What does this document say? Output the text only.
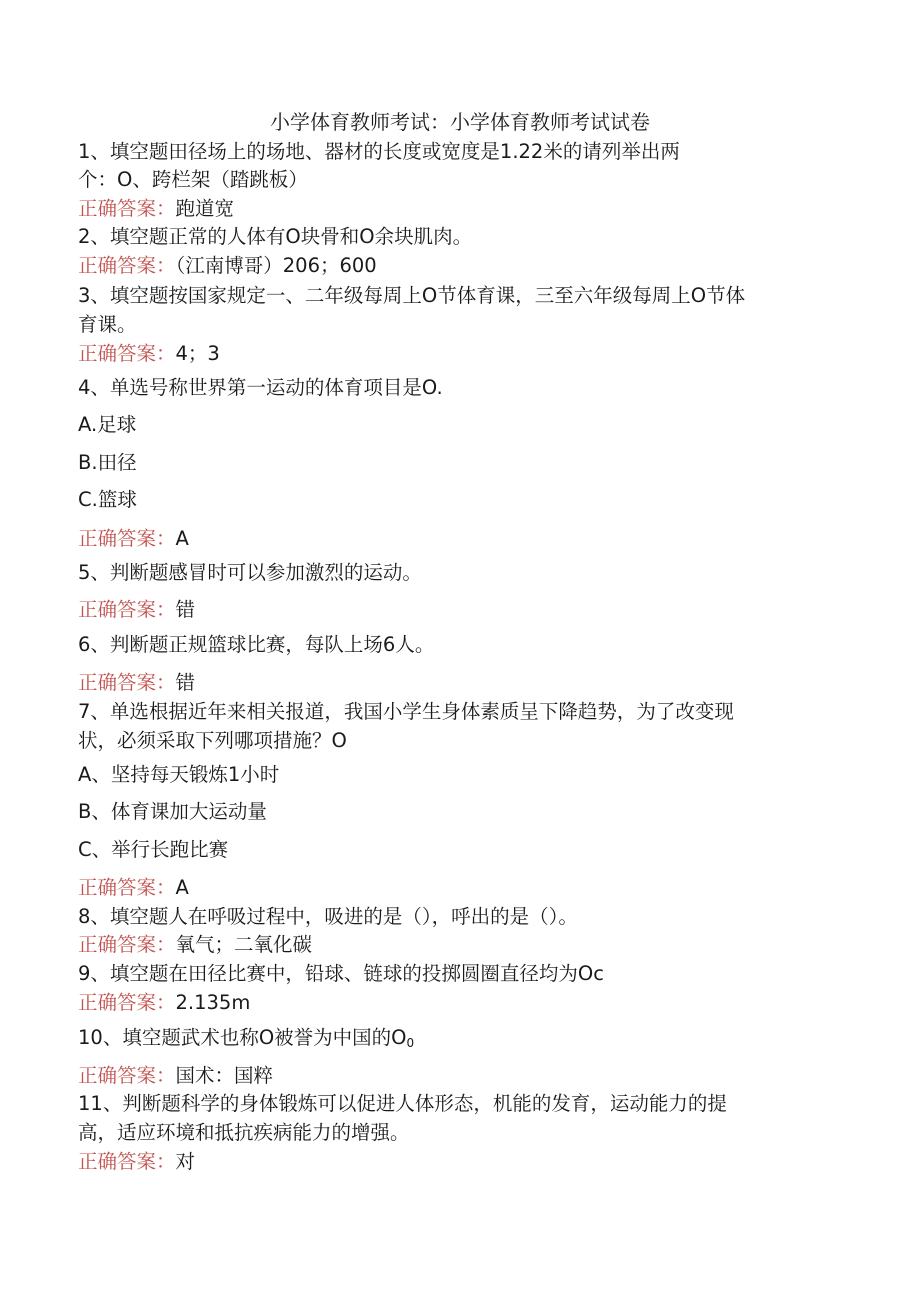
小学体育教师考试：小学体育教师考试试卷
1、填空题田径场上的场地、器材的长度或宽度是1.22米的请列举出两
个：O、跨栏架（踏跳板）
正确答案：跑道宽
2、填空题正常的人体有O块骨和O余块肌肉。
正确答案：（江南博哥）206；600
3、填空题按国家规定一、二年级每周上O节体育课，三至六年级每周上O节体
育课。
正确答案：4；3
4、单选号称世界第一运动的体育项目是O.
A.足球
B.田径
C.篮球
正确答案：A
5、判断题感冒时可以参加激烈的运动。
正确答案：错
6、判断题正规篮球比赛，每队上场6人。
正确答案：错
7、单选根据近年来相关报道，我国小学生身体素质呈下降趋势，为了改变现
状，必须采取下列哪项措施？O
A、坚持每天锻炼1小时
B、体育课加大运动量
C、举行长跑比赛
正确答案：A
8、填空题人在呼吸过程中，吸进的是（），呼出的是（）。
正确答案：氧气；二氧化碳
9、填空题在田径比赛中，铅球、链球的投掷圆圈直径均为Oc
正确答案：2.135m
10、填空题武术也称O被誉为中国的$O_0$
正确答案：国术：国粹
11、判断题科学的身体锻炼可以促进人体形态，机能的发育，运动能力的提
高，适应环境和抵抗疾病能力的增强。
正确答案：对
